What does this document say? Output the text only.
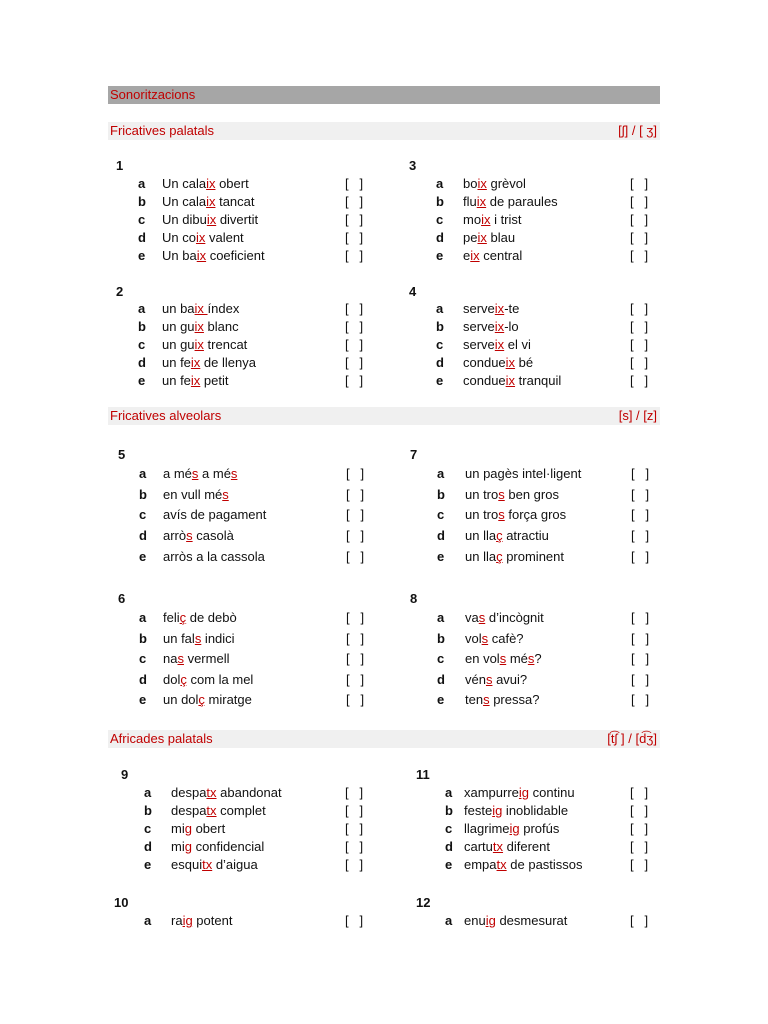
Sonoritzacions
Fricatives palatals	[ʃ] / [ ʒ]
Fricatives alveolars	[s] / [z]
Africades palatals	[t͡ʃ ] / [d͡ʒ]
1
a Un calaix obert	[   ]
b Un calaix tancat	[   ]
c Un dibuix divertit	[   ]
d Un coix valent	[   ]
e Un baix coeficient	[   ]
3
a boix grèvol	[   ]
b fluix de paraules	[   ]
c moix i trist	[   ]
d peix blau	[   ]
e eix central	[   ]
2
a un baix índex	[   ]
b un guix blanc	[   ]
c un guix trencat	[   ]
d un feix de llenya	[   ]
e un feix petit	[   ]
4
a serveix-te	[   ]
b serveix-lo	[   ]
c serveix el vi	[   ]
d condueix bé	[   ]
e condueix tranquil	[   ]
5
a a més a més	[   ]
b en vull més	[   ]
c avís de pagament	[   ]
d arròs casolà	[   ]
e arròs a la cassola	[   ]
7
a un pagès intel·ligent	[   ]
b un tros ben gros	[   ]
c un tros força gros	[   ]
d un llaç atractiu	[   ]
e un llaç prominent	[   ]
6
a feliç de debò	[   ]
b un fals indici	[   ]
c nas vermell	[   ]
d dolç com la mel	[   ]
e un dolç miratge	[   ]
8
a vas d’incògnit	[   ]
b vols cafè?	[   ]
c en vols més?	[   ]
d véns avui?	[   ]
e tens pressa?	[   ]
9
a despatx abandonat	[   ]
b despatx complet	[   ]
c mig obert	[   ]
d mig confidencial	[   ]
e esquitx d’aigua	[   ]
11
a xampurreig continu	[   ]
b festeig inoblidable	[   ]
c llagrimeig profús	[   ]
d cartutx diferent	[   ]
e empatx de pastissos	[   ]
10
a raig potent	[   ]
12
a enuig desmesurat	[   ]
